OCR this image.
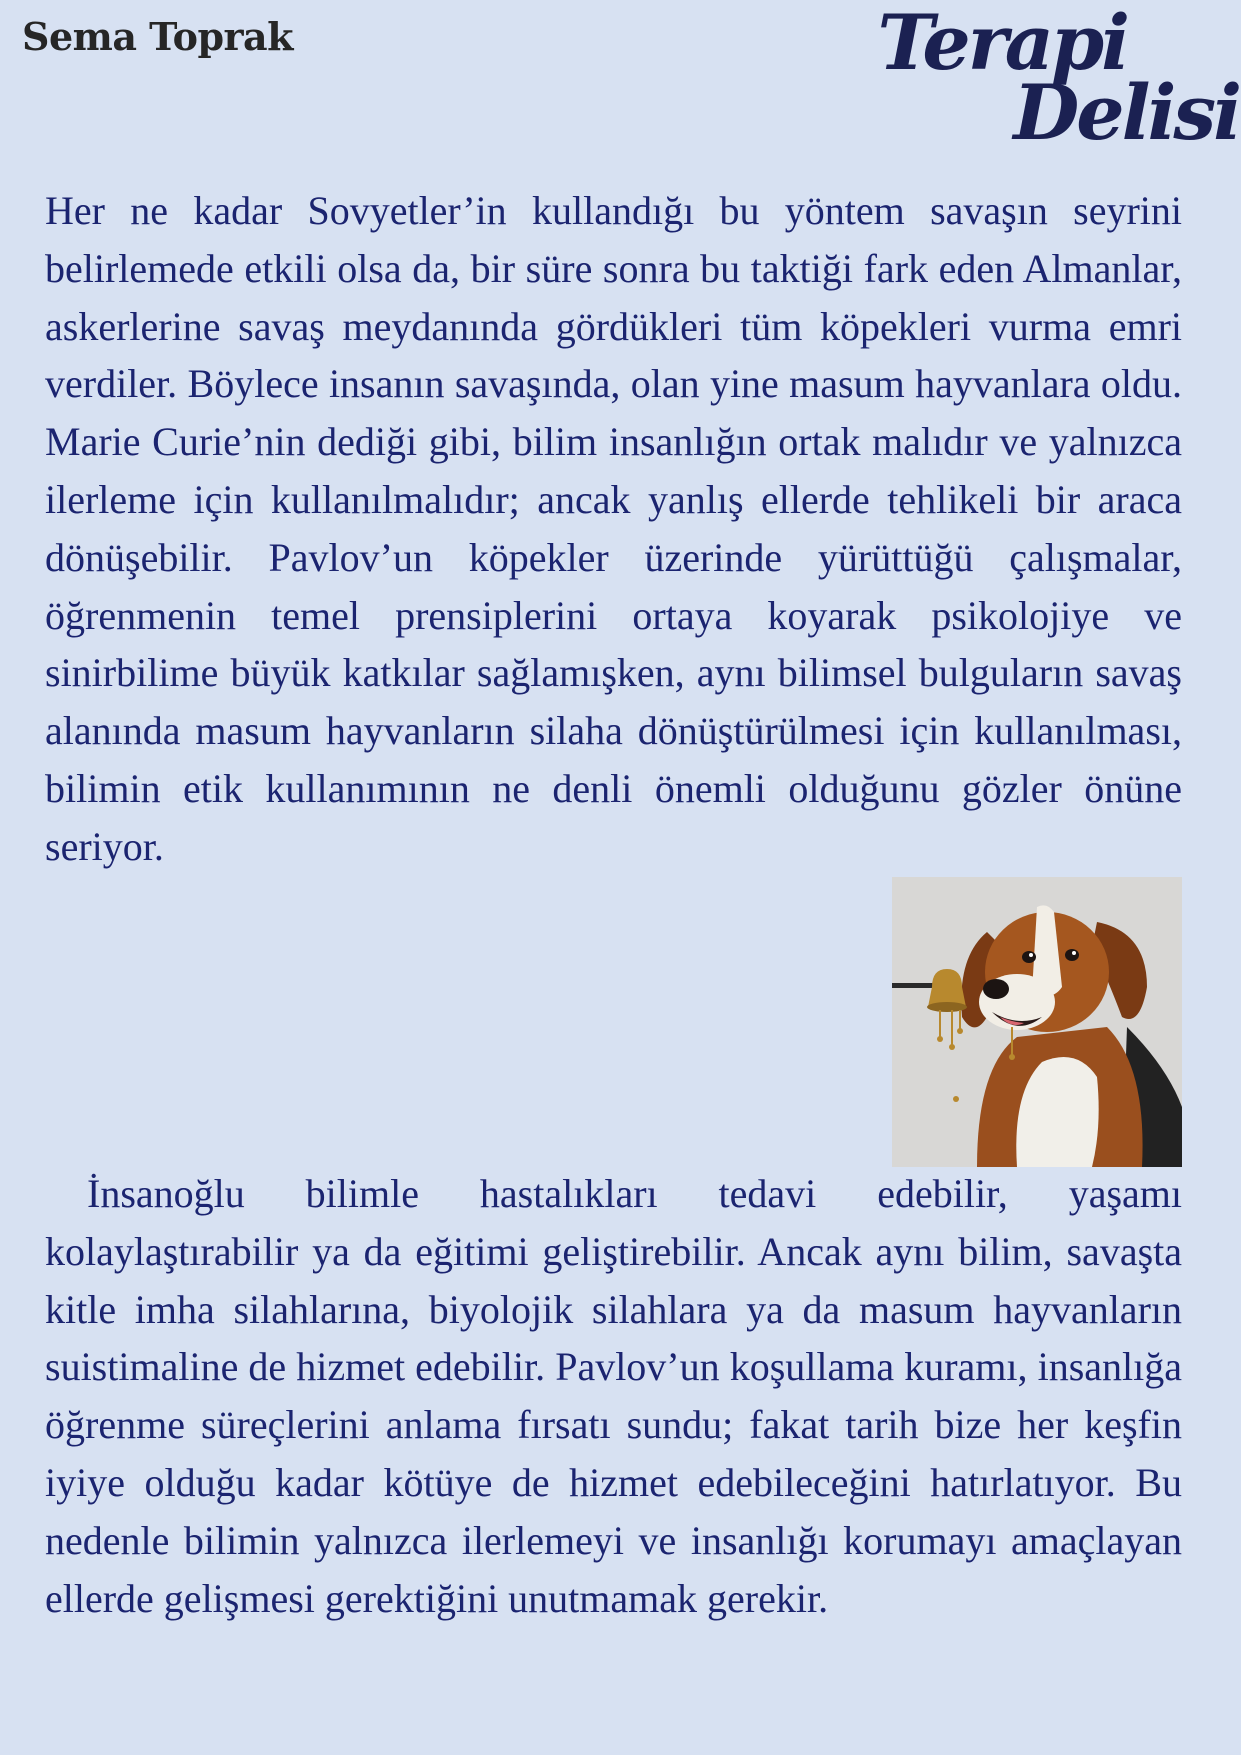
Sema Toprak	Terapi
Delisi

Her ne kadar Sovyetler’in kullandığı bu yöntem savaşın seyrini belirlemede etkili olsa da, bir süre sonra bu taktiği fark eden Almanlar, askerlerine savaş meydanında gördükleri tüm köpekleri vurma emri verdiler. Böylece insanın savaşında, olan yine masum hayvanlara oldu. Marie Curie’nin dediği gibi, bilim insanlığın ortak malıdır ve yalnızca ilerleme için kullanılmalıdır; ancak yanlış ellerde tehlikeli bir araca dönüşebilir. Pavlov’un köpekler üzerinde yürüttüğü çalışmalar, öğrenmenin temel prensiplerini ortaya koyarak psikolojiye ve sinirbilime büyük katkılar sağlamışken, aynı bilimsel bulguların savaş alanında masum hayvanların silaha dönüştürülmesi için kullanılması, bilimin etik kullanımının ne denli önemli olduğunu gözler önüne seriyor.

İnsanoğlu bilimle hastalıkları tedavi edebilir, yaşamı kolaylaştırabilir ya da eğitimi geliştirebilir. Ancak aynı bilim, savaşta kitle imha silahlarına, biyolojik silahlara ya da masum hayvanların suistimaline de hizmet edebilir. Pavlov’un koşullama kuramı, insanlığa öğrenme süreçlerini anlama fırsatı sundu; fakat tarih bize her keşfin iyiye olduğu kadar kötüye de hizmet edebileceğini hatırlatıyor. Bu nedenle bilimin yalnızca ilerlemeyi ve insanlığı korumayı amaçlayan ellerde gelişmesi gerektiğini unutmamak gerekir.
